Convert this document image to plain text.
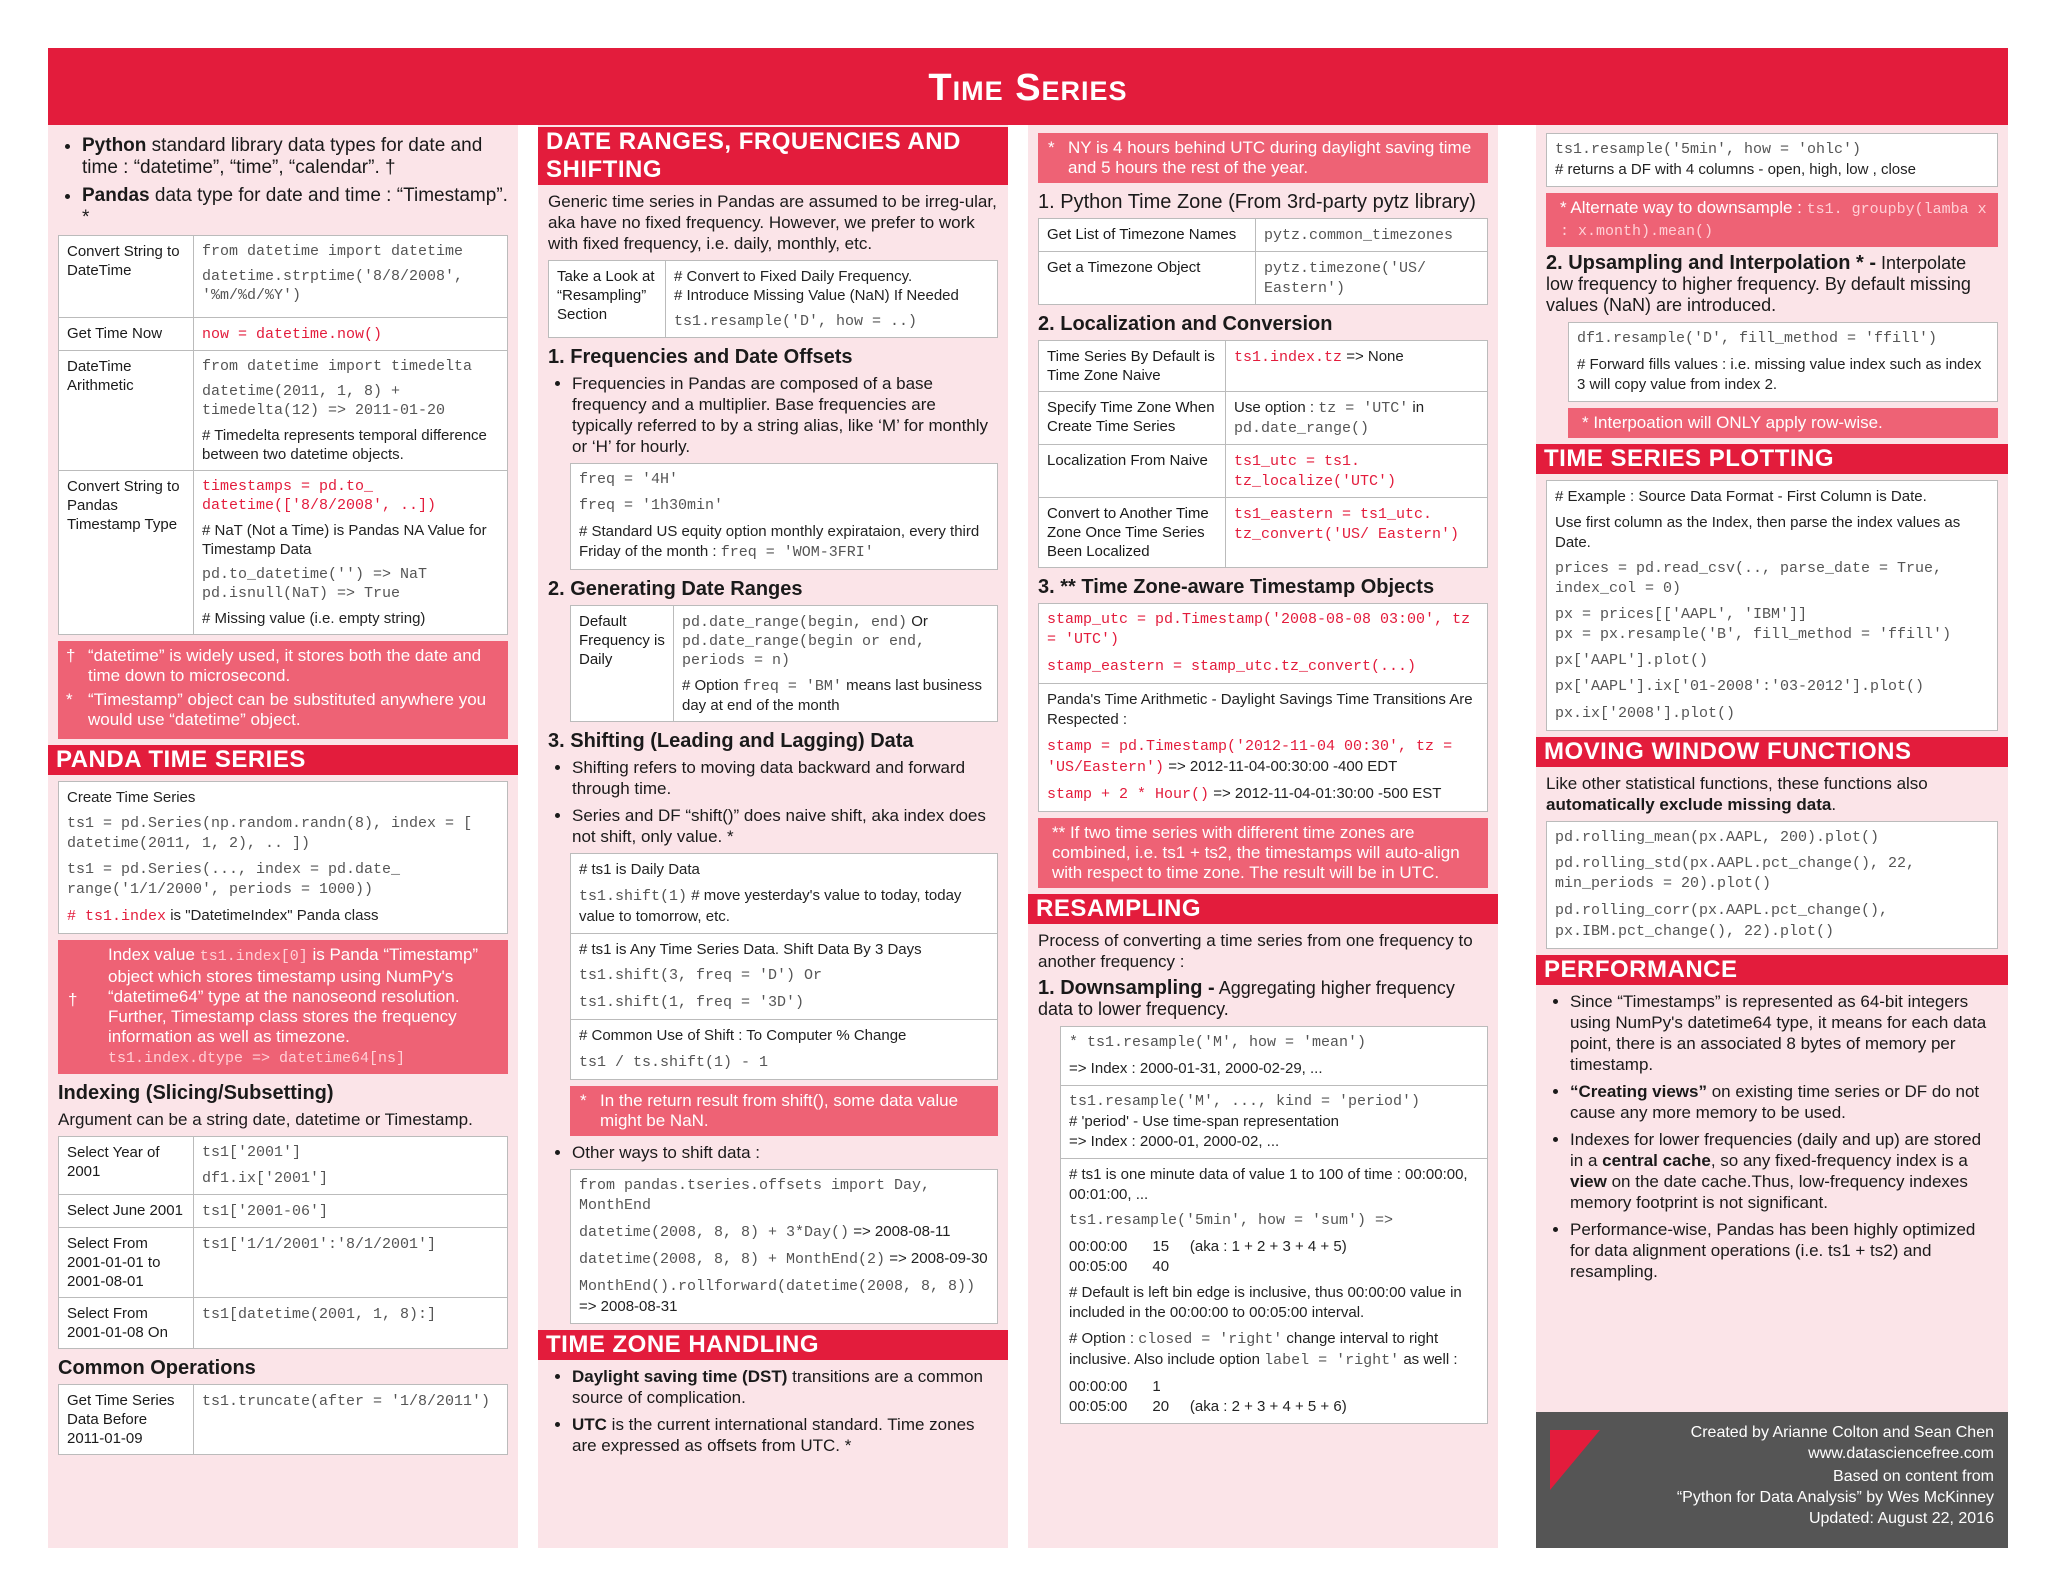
Time Series
• Python standard library data types for date and time : “datetime”, “time”, “calendar”. †
• Pandas data type for date and time : “Timestamp”. *
Convert String to DateTime	from datetime import datetime
datetime.strptime('8/8/2008', '%m/%d/%Y')

Get Time Now	now = datetime.now()
DateTime Arithmetic	from datetime import timedelta
datetime(2011, 1, 8) + timedelta(12) => 2011-01-20
# Timedelta represents temporal difference between two datetime objects.
Convert String to Pandas Timestamp Type	timestamps = pd.to_ datetime(['8/8/2008', ..])
# NaT (Not a Time) is Pandas NA Value for Timestamp Data
pd.to_datetime('') => NaT
pd.isnull(NaT) => True
# Missing value (i.e. empty string)

† “datetime” is widely used, it stores both the date and time down to microsecond.

* “Timestamp” object can be substituted anywhere you would use “datetime” object.

PANDA TIME SERIES
Create Time Series
ts1 = pd.Series(np.random.randn(8), index = [ datetime(2011, 1, 2), .. ])
ts1 = pd.Series(..., index = pd.date_ range('1/1/2000', periods = 1000))
# ts1.index is "DatetimeIndex" Panda class
†
Index value ts1.index[0] is Panda “Timestamp” object which stores timestamp using NumPy's “datetime64” type at the nanoseond resolution. Further, Timestamp class stores the frequency information as well as timezone.
ts1.index.dtype => datetime64[ns]
Indexing (Slicing/Subsetting)
Argument can be a string date, datetime or Timestamp.
Select Year of 2001	ts1['2001']
df1.ix['2001']
Select June 2001	ts1['2001-06']
Select From 2001-01-01 to 2001-08-01	ts1['1/1/2001':'8/1/2001']
Select From 2001-01-08 On	ts1[datetime(2001, 1, 8):]
Common Operations
Get Time Series Data Before 2011-01-09	ts1.truncate(after = '1/8/2011')
DATE RANGES, FRQUENCIES AND SHIFTING
Generic time series in Pandas are assumed to be irreg-ular, aka have no fixed frequency. However, we prefer to work with fixed frequency, i.e. daily, monthly, etc.
Take a Look at “Resampling” Section	
# Convert to Fixed Daily Frequency.
# Introduce Missing Value (NaN) If Needed
ts1.resample('D', how = ..)
1. Frequencies and Date Offsets
• Frequencies in Pandas are composed of a base frequency and a multiplier. Base frequencies are typically referred to by a string alias, like ‘M’ for monthly or ‘H’ for hourly.
freq = '4H'
freq = '1h30min'
# Standard US equity option monthly expirataion, every third Friday of the month : freq = 'WOM-3FRI'
2. Generating Date Ranges
Default Frequency is Daily	pd.date_range(begin, end) Or
pd.date_range(begin or end, periods = n)
# Option freq = 'BM' means last business day at end of the month
3. Shifting (Leading and Lagging) Data
• Shifting refers to moving data backward and forward through time.
• Series and DF “shift()” does naive shift, aka index does not shift, only value. *
# ts1 is Daily Data
ts1.shift(1) # move yesterday's value to today, today value to tomorrow, etc.
# ts1 is Any Time Series Data. Shift Data By 3 Days
ts1.shift(3, freq = 'D') Or
ts1.shift(1, freq = '3D')
# Common Use of Shift : To Computer % Change
ts1 / ts.shift(1) - 1
* In the return result from shift(), some data value might be NaN.
• Other ways to shift data :
from pandas.tseries.offsets import Day, MonthEnd
datetime(2008, 8, 8) + 3*Day() => 2008-08-11
datetime(2008, 8, 8) + MonthEnd(2) => 2008-09-30
MonthEnd().rollforward(datetime(2008, 8, 8)) => 2008-08-31
TIME ZONE HANDLING
• Daylight saving time (DST) transitions are a common source of complication.
• UTC is the current international standard. Time zones are expressed as offsets from UTC. *
* NY is 4 hours behind UTC during daylight saving time and 5 hours the rest of the year.
1. Python Time Zone (From 3rd-party pytz library)
Get List of Timezone Names	pytz.common_timezones
Get a Timezone Object	pytz.timezone('US/ Eastern')
2. Localization and Conversion
Time Series By Default is Time Zone Naive	ts1.index.tz => None
Specify Time Zone When Create Time Series	Use option : tz = 'UTC' in pd.date_range()
Localization From Naive	ts1_utc = ts1. tz_localize('UTC')
Convert to Another Time Zone Once Time Series Been Localized	ts1_eastern = ts1_utc. tz_convert('US/ Eastern')
3. ** Time Zone-aware Timestamp Objects
stamp_utc = pd.Timestamp('2008-08-08 03:00', tz = 'UTC')
stamp_eastern = stamp_utc.tz_convert(...)
Panda's Time Arithmetic - Daylight Savings Time Transitions Are Respected :
stamp = pd.Timestamp('2012-11-04 00:30', tz = 'US/Eastern') => 2012-11-04-00:30:00 -400 EDT
stamp + 2 * Hour() => 2012-11-04-01:30:00 -500 EST
** If two time series with different time zones are combined, i.e. ts1 + ts2, the timestamps will auto-align with respect to time zone. The result will be in UTC.
RESAMPLING
Process of converting a time series from one frequency to another frequency :
1. Downsampling - Aggregating higher frequency data to lower frequency.
* ts1.resample('M', how = 'mean')
=> Index : 2000-01-31, 2000-02-29, ...
ts1.resample('M', ..., kind = 'period')
# 'period' - Use time-span representation
=> Index : 2000-01, 2000-02, ...
# ts1 is one minute data of value 1 to 100 of time : 00:00:00, 00:01:00, ...
ts1.resample('5min', how = 'sum') =>
00:00:00      15     (aka : 1 + 2 + 3 + 4 + 5)
00:05:00      40
# Default is left bin edge is inclusive, thus 00:00:00 value in included in the 00:00:00 to 00:05:00 interval.
# Option : closed = 'right' change interval to right inclusive. Also include option label = 'right' as well :
00:00:00      1
00:05:00      20     (aka : 2 + 3 + 4 + 5 + 6)
ts1.resample('5min', how = 'ohlc')
# returns a DF with 4 columns - open, high, low , close
* Alternate way to downsample : ts1. groupby(lamba x : x.month).mean()
2. Upsampling and Interpolation * - Interpolate low frequency to higher frequency. By default missing values (NaN) are introduced.
df1.resample('D', fill_method = 'ffill')
# Forward fills values : i.e. missing value index such as index 3 will copy value from index 2.
* Interpoation will ONLY apply row-wise.
TIME SERIES PLOTTING
# Example : Source Data Format - First Column is Date.
Use first column as the Index, then parse the index values as Date.
prices = pd.read_csv(.., parse_date = True, index_col = 0)
px = prices[['AAPL', 'IBM']]
px = px.resample('B', fill_method = 'ffill')
px['AAPL'].plot()
px['AAPL'].ix['01-2008':'03-2012'].plot()
px.ix['2008'].plot()
MOVING WINDOW FUNCTIONS
Like other statistical functions, these functions also automatically exclude missing data.
pd.rolling_mean(px.AAPL, 200).plot()
pd.rolling_std(px.AAPL.pct_change(), 22, min_periods = 20).plot()
pd.rolling_corr(px.AAPL.pct_change(), px.IBM.pct_change(), 22).plot()
PERFORMANCE
• Since “Timestamps” is represented as 64-bit integers using NumPy's datetime64 type, it means for each data point, there is an associated 8 bytes of memory per timestamp.
• “Creating views” on existing time series or DF do not cause any more memory to be used.
• Indexes for lower frequencies (daily and up) are stored in a central cache, so any fixed-frequency index is a view on the date cache.Thus, low-frequency indexes memory footprint is not significant.
• Performance-wise, Pandas has been highly optimized for data alignment operations (i.e. ts1 + ts2) and resampling.
Created by Arianne Colton and Sean Chen
www.datasciencefree.com
Based on content from
“Python for Data Analysis” by Wes McKinney
Updated: August 22, 2016
